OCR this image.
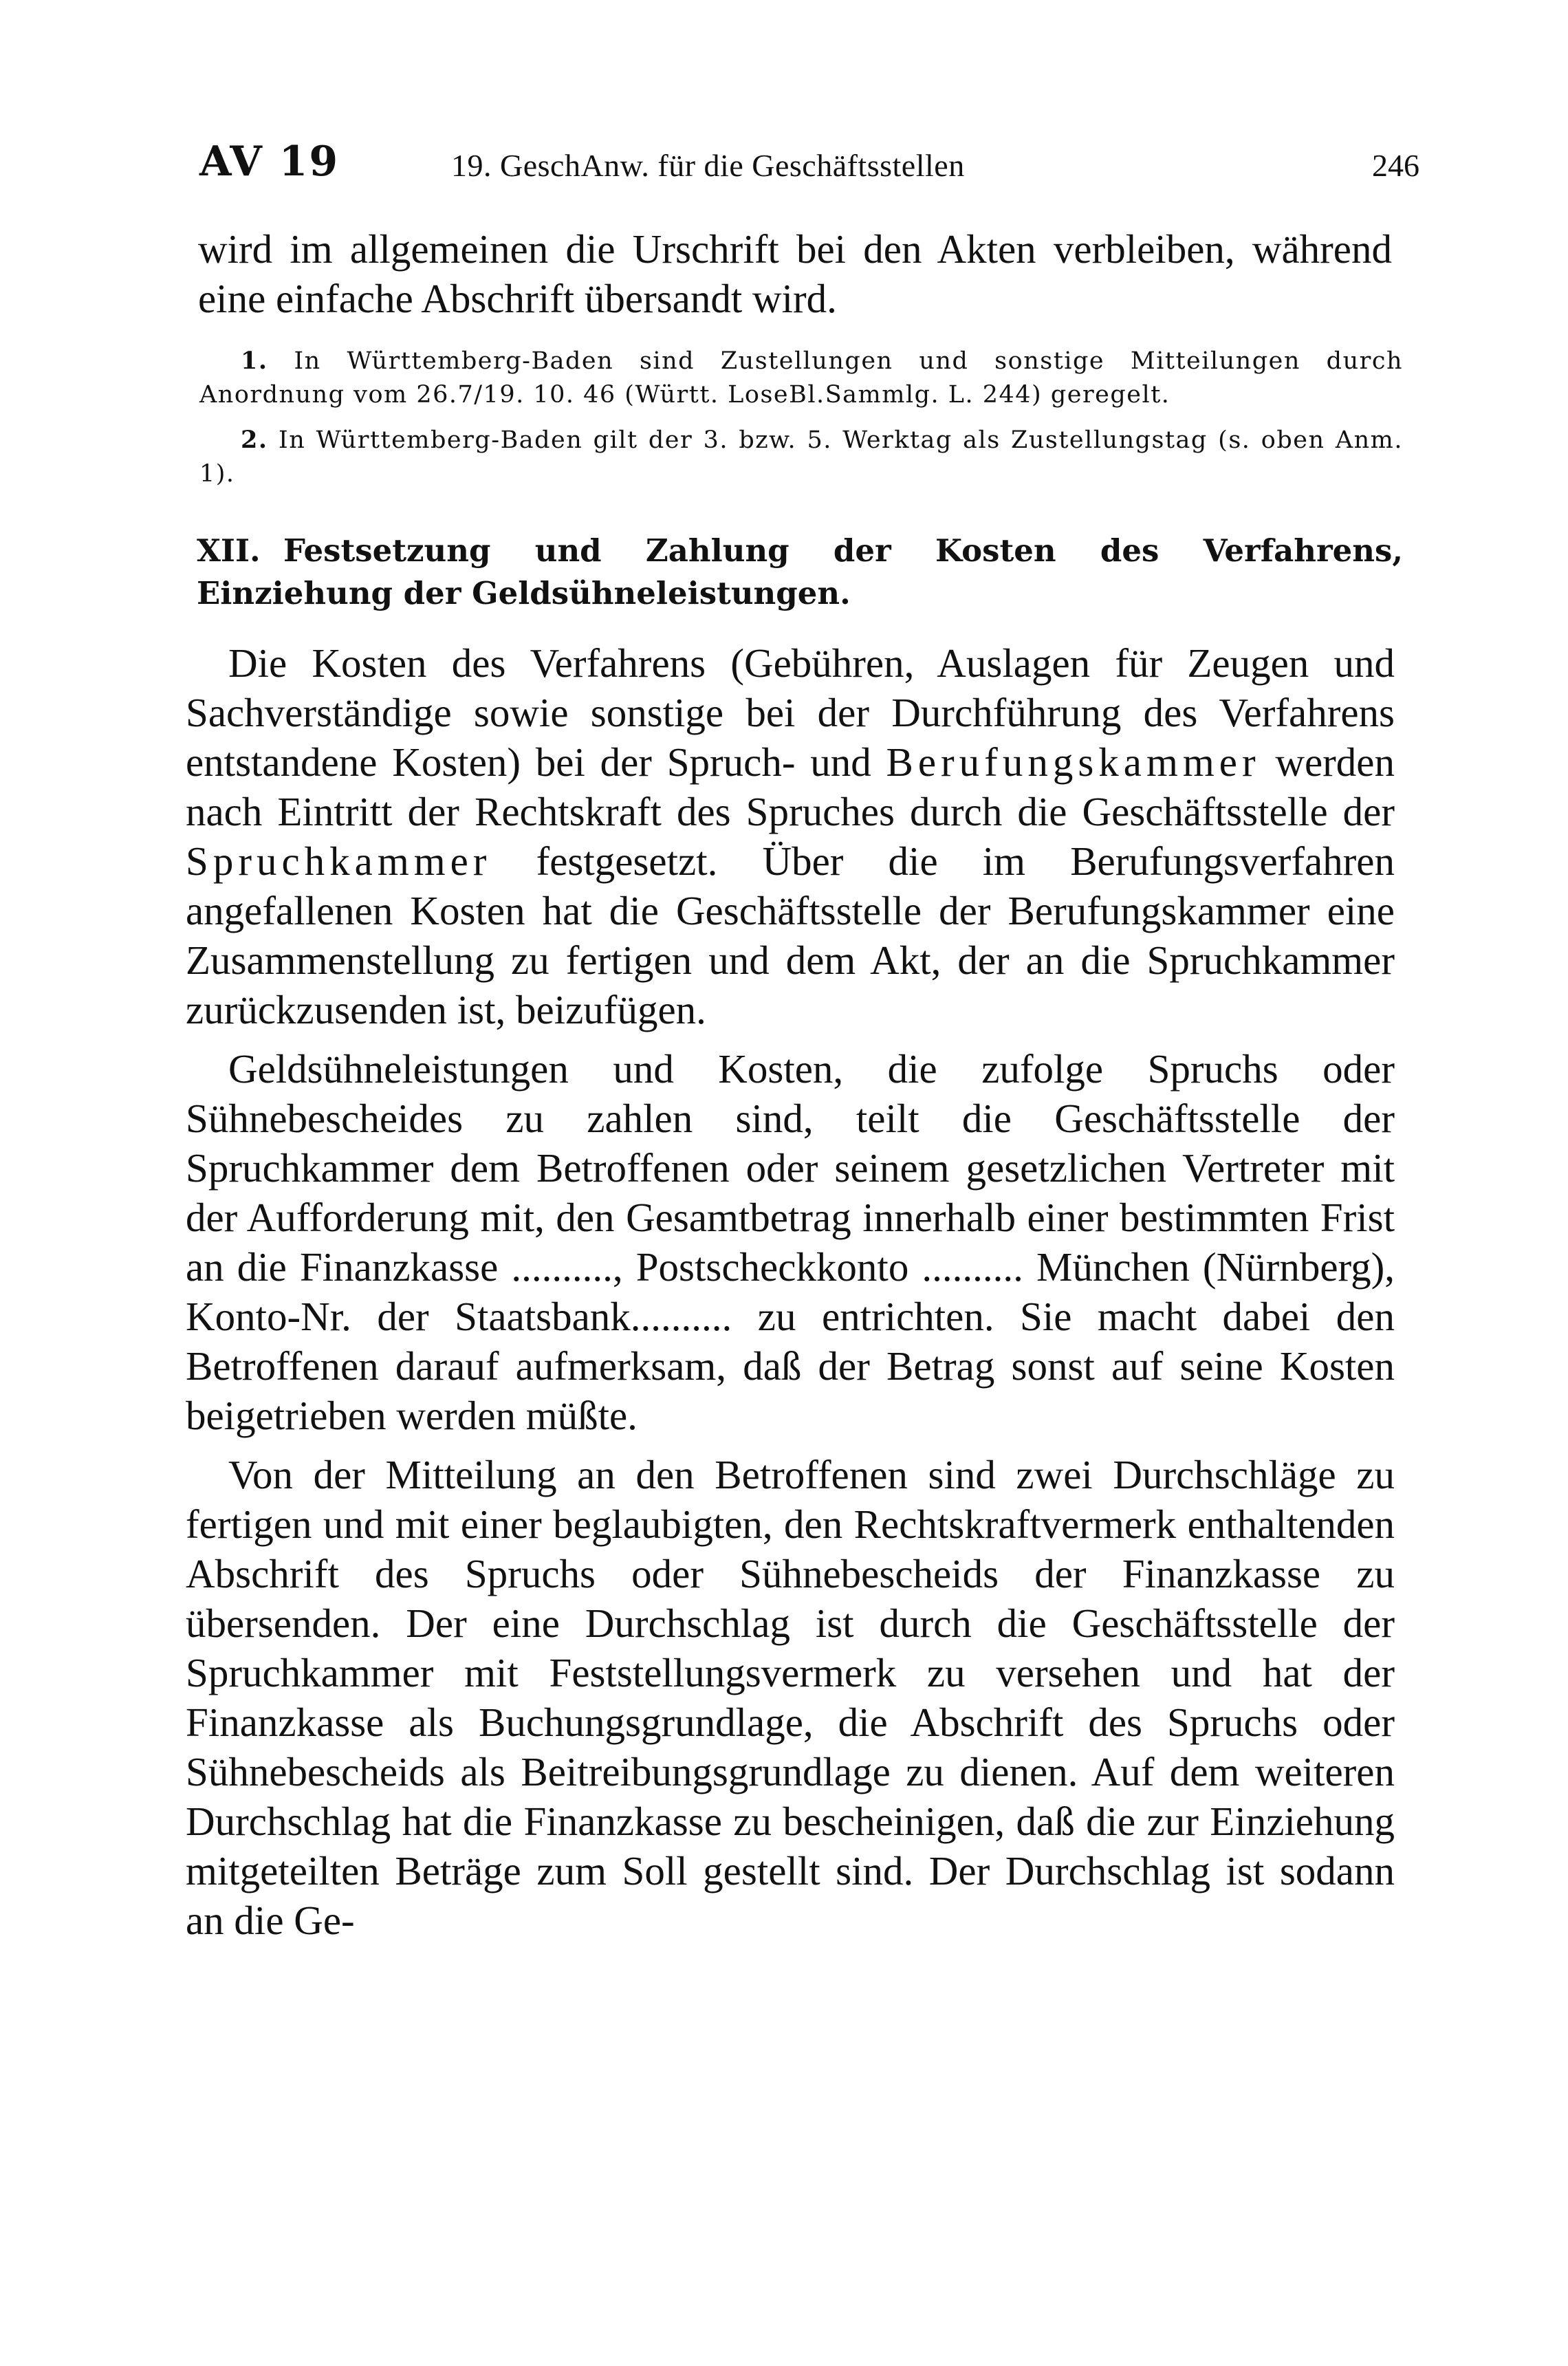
AV 19	19. GeschAnw. für die Geschäftsstellen	246

wird im allgemeinen die Urschrift bei den Akten verbleiben, während eine einfache Abschrift übersandt wird.

1. In Württemberg-Baden sind Zustellungen und sonstige Mitteilungen durch Anordnung vom 26.7/19. 10. 46 (Württ. LoseBl.Sammlg. L. 244) geregelt.

2. In Württemberg-Baden gilt der 3. bzw. 5. Werktag als Zustellungstag (s. oben Anm. 1).

XII. Festsetzung und Zahlung der Kosten des Verfahrens, Einziehung der Geldsühneleistungen.

Die Kosten des Verfahrens (Gebühren, Auslagen für Zeugen und Sachverständige sowie sonstige bei der Durchführung des Verfahrens entstandene Kosten) bei der Spruch- und Berufungskammer werden nach Eintritt der Rechtskraft des Spruches durch die Geschäftsstelle der Spruchkammer festgesetzt. Über die im Berufungsverfahren angefallenen Kosten hat die Geschäftsstelle der Berufungskammer eine Zusammenstellung zu fertigen und dem Akt, der an die Spruchkammer zurückzusenden ist, beizufügen.

Geldsühneleistungen und Kosten, die zufolge Spruchs oder Sühnebescheides zu zahlen sind, teilt die Geschäftsstelle der Spruchkammer dem Betroffenen oder seinem gesetzlichen Vertreter mit der Aufforderung mit, den Gesamtbetrag innerhalb einer bestimmten Frist an die Finanzkasse .........., Postscheckkonto .......... München (Nürnberg), Konto-Nr. der Staatsbank.......... zu entrichten. Sie macht dabei den Betroffenen darauf aufmerksam, daß der Betrag sonst auf seine Kosten beigetrieben werden müßte.

Von der Mitteilung an den Betroffenen sind zwei Durchschläge zu fertigen und mit einer beglaubigten, den Rechtskraftvermerk enthaltenden Abschrift des Spruchs oder Sühnebescheids der Finanzkasse zu übersenden. Der eine Durchschlag ist durch die Geschäftsstelle der Spruchkammer mit Feststellungsvermerk zu versehen und hat der Finanzkasse als Buchungsgrundlage, die Abschrift des Spruchs oder Sühnebescheids als Beitreibungsgrundlage zu dienen. Auf dem weiteren Durchschlag hat die Finanzkasse zu bescheinigen, daß die zur Einziehung mitgeteilten Beträge zum Soll gestellt sind. Der Durchschlag ist sodann an die Ge-
